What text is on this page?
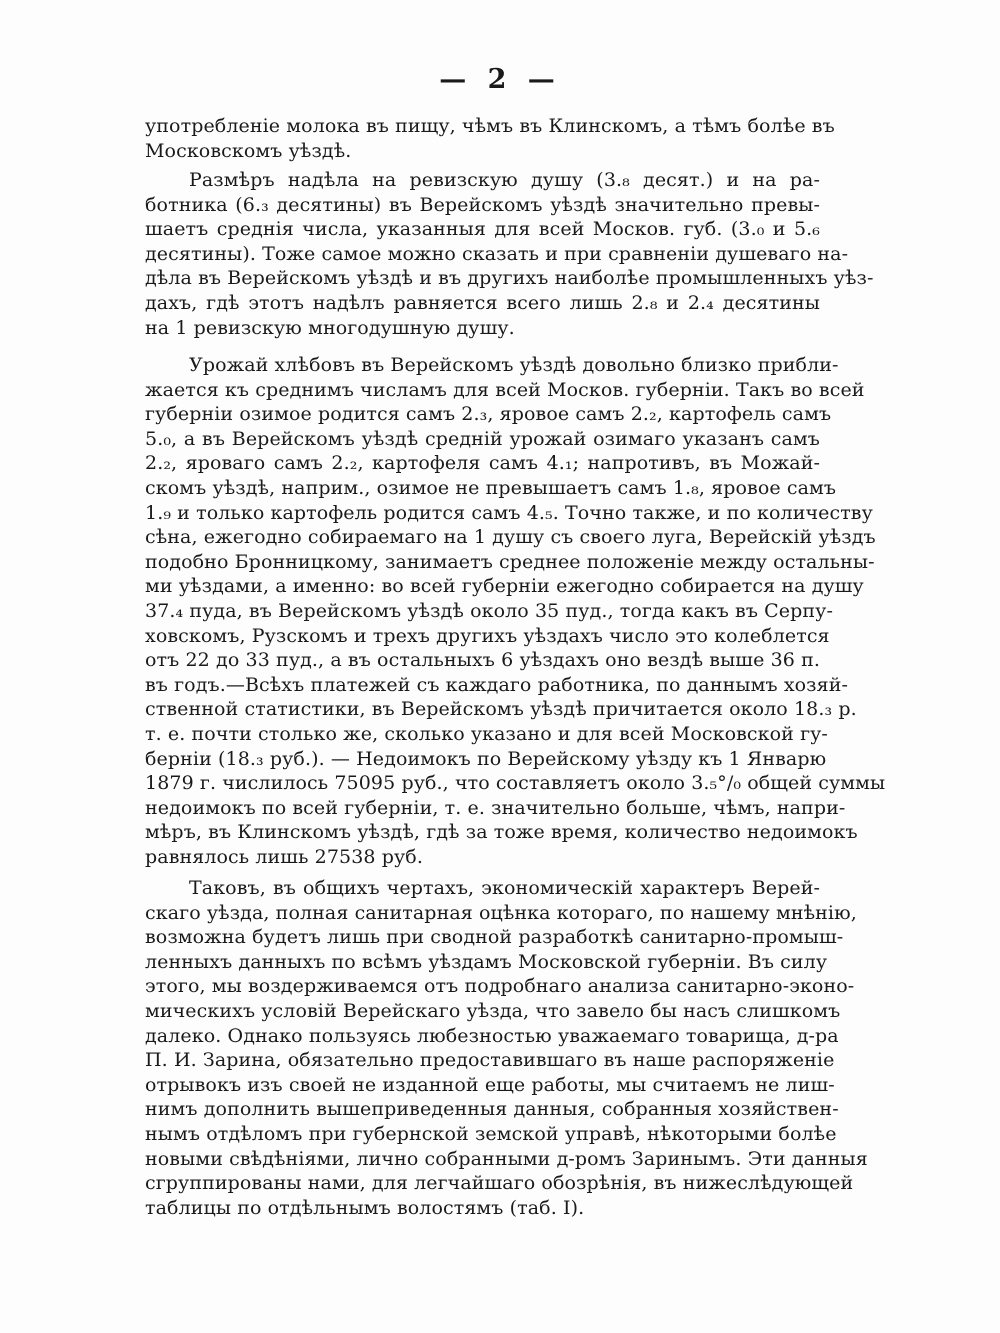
— 2 —
употребленіе молока въ пищу, чѣмъ въ Клинскомъ, а тѣмъ болѣе въ
Московскомъ уѣздѣ.
Размѣръ надѣла на ревизскую душу (3.₈ десят.) и на ра-
ботника (6.₃ десятины) въ Верейскомъ уѣздѣ значительно превы-
шаетъ среднія числа, указанныя для всей Москов. губ. (3.₀ и 5.₆
десятины). Тоже самое можно сказать и при сравненіи душеваго на-
дѣла въ Верейскомъ уѣздѣ и въ другихъ наиболѣе промышленныхъ уѣз-
дахъ, гдѣ этотъ надѣлъ равняется всего лишь 2.₈ и 2.₄ десятины
на 1 ревизскую многодушную душу.
Урожай хлѣбовъ въ Верейскомъ уѣздѣ довольно близко прибли-
жается къ среднимъ числамъ для всей Москов. губерніи. Такъ во всей
губерніи озимое родится самъ 2.₃, яровое самъ 2.₂, картофель самъ
5.₀, а въ Верейскомъ уѣздѣ средній урожай озимаго указанъ самъ
2.₂, яроваго самъ 2.₂, картофеля самъ 4.₁; напротивъ, въ Можай-
скомъ уѣздѣ, наприм., озимое не превышаетъ самъ 1.₈, яровое самъ
1.₉ и только картофель родится самъ 4.₅. Точно также, и по количеству
сѣна, ежегодно собираемаго на 1 душу съ своего луга, Верейскій уѣздъ
подобно Бронницкому, занимаетъ среднее положеніе между остальны-
ми уѣздами, а именно: во всей губерніи ежегодно собирается на душу
37.₄ пуда, въ Верейскомъ уѣздѣ около 35 пуд., тогда какъ въ Серпу-
ховскомъ, Рузскомъ и трехъ другихъ уѣздахъ число это колеблется
отъ 22 до 33 пуд., а въ остальныхъ 6 уѣздахъ оно вездѣ выше 36 п.
въ годъ.—Всѣхъ платежей съ каждаго работника, по даннымъ хозяй-
ственной статистики, въ Верейскомъ уѣздѣ причитается около 18.₃ р.
т. е. почти столько же, сколько указано и для всей Московской гу-
берніи (18.₃ руб.). — Недоимокъ по Верейскому уѣзду къ 1 Январю
1879 г. числилось 75095 руб., что составляетъ около 3.₅°/₀ общей суммы
недоимокъ по всей губерніи, т. е. значительно больше, чѣмъ, напри-
мѣръ, въ Клинскомъ уѣздѣ, гдѣ за тоже время, количество недоимокъ
равнялось лишь 27538 руб.
Таковъ, въ общихъ чертахъ, экономическій характеръ Верей-
скаго уѣзда, полная санитарная оцѣнка котораго, по нашему мнѣнію,
возможна будетъ лишь при сводной разработкѣ санитарно-промыш-
ленныхъ данныхъ по всѣмъ уѣздамъ Московской губерніи. Въ силу
этого, мы воздерживаемся отъ подробнаго анализа санитарно-эконо-
мическихъ условій Верейскаго уѣзда, что завело бы насъ слишкомъ
далеко. Однако пользуясь любезностью уважаемаго товарища, д-ра
П. И. Зарина, обязательно предоставившаго въ наше распоряженіе
отрывокъ изъ своей не изданной еще работы, мы считаемъ не лиш-
нимъ дополнить вышеприведенныя данныя, собранныя хозяйствен-
нымъ отдѣломъ при губернской земской управѣ, нѣкоторыми болѣе
новыми свѣдѣніями, лично собранными д-ромъ Заринымъ. Эти данныя
сгруппированы нами, для легчайшаго обозрѣнія, въ нижеслѣдующей
таблицы по отдѣльнымъ волостямъ (таб. I).
